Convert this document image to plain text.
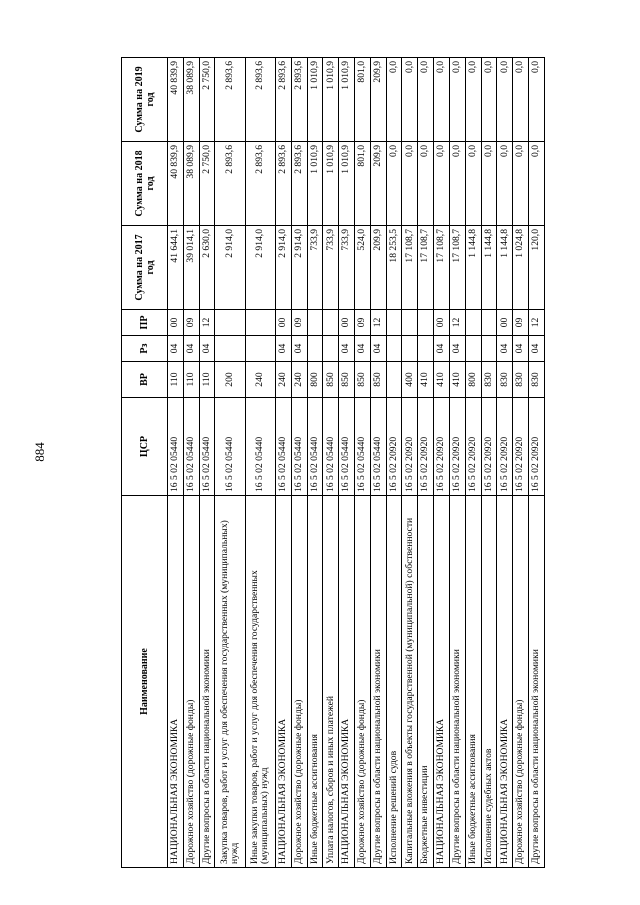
884
Наименование	ЦСР	ВР	Рз	ПР	Сумма на 2017 год	Сумма на 2018 год	Сумма на 2019 год
НАЦИОНАЛЬНАЯ ЭКОНОМИКА	16 5 02 05440	110	04	00	41 644,1	40 839,9	40 839,9
Дорожное хозяйство (дорожные фонды)	16 5 02 05440	110	04	09	39 014,1	38 089,9	38 089,9
Другие вопросы в области национальной экономики	16 5 02 05440	110	04	12	2 630,0	2 750,0	2 750,0
Закупка товаров, работ и услуг для обеспечения государственных (муниципальных) нужд	16 5 02 05440	200			2 914,0	2 893,6	2 893,6
Иные закупки товаров, работ и услуг для обеспечения государственных (муниципальных) нужд	16 5 02 05440	240			2 914,0	2 893,6	2 893,6
НАЦИОНАЛЬНАЯ ЭКОНОМИКА	16 5 02 05440	240	04	00	2 914,0	2 893,6	2 893,6
Дорожное хозяйство (дорожные фонды)	16 5 02 05440	240	04	09	2 914,0	2 893,6	2 893,6
Иные бюджетные ассигнования	16 5 02 05440	800			733,9	1 010,9	1 010,9
Уплата налогов, сборов и иных платежей	16 5 02 05440	850			733,9	1 010,9	1 010,9
НАЦИОНАЛЬНАЯ ЭКОНОМИКА	16 5 02 05440	850	04	00	733,9	1 010,9	1 010,9
Дорожное хозяйство (дорожные фонды)	16 5 02 05440	850	04	09	524,0	801,0	801,0
Другие вопросы в области национальной экономики	16 5 02 05440	850	04	12	209,9	209,9	209,9
Исполнение решений судов	16 5 02 20920				18 253,5	0,0	0,0
Капитальные вложения в объекты государственной (муниципальной) собственности	16 5 02 20920	400			17 108,7	0,0	0,0
Бюджетные инвестиции	16 5 02 20920	410			17 108,7	0,0	0,0
НАЦИОНАЛЬНАЯ ЭКОНОМИКА	16 5 02 20920	410	04	00	17 108,7	0,0	0,0
Другие вопросы в области национальной экономики	16 5 02 20920	410	04	12	17 108,7	0,0	0,0
Иные бюджетные ассигнования	16 5 02 20920	800			1 144,8	0,0	0,0
Исполнение судебных актов	16 5 02 20920	830			1 144,8	0,0	0,0
НАЦИОНАЛЬНАЯ ЭКОНОМИКА	16 5 02 20920	830	04	00	1 144,8	0,0	0,0
Дорожное хозяйство (дорожные фонды)	16 5 02 20920	830	04	09	1 024,8	0,0	0,0
Другие вопросы в области национальной экономики	16 5 02 20920	830	04	12	120,0	0,0	0,0
